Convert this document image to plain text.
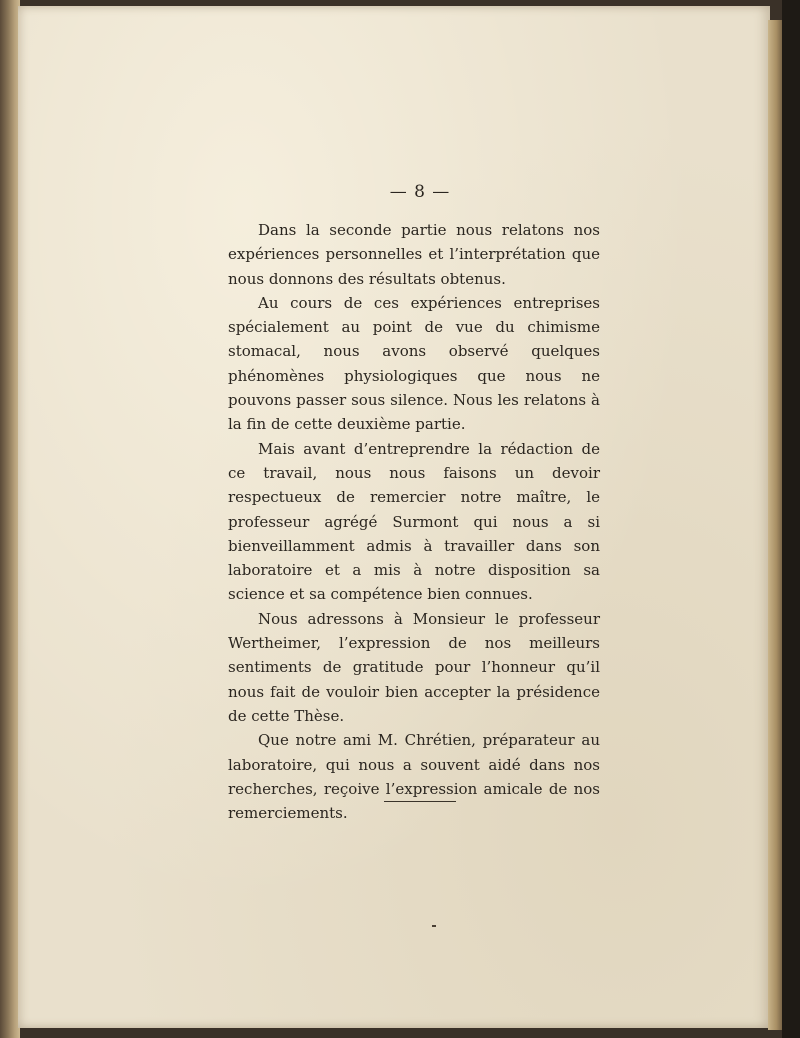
— 8 —

Dans la seconde partie nous relatons nos expériences personnelles et l’interprétation que nous donnons des résultats obtenus.

Au cours de ces expériences entreprises spécialement au point de vue du chimisme stomacal, nous avons observé quelques phénomènes physiologiques que nous ne pouvons passer sous silence. Nous les relatons à la fin de cette deuxième partie.

Mais avant d’entreprendre la rédaction de ce travail, nous nous faisons un devoir respectueux de remercier notre maître, le professeur agrégé Surmont qui nous a si bienveillamment admis à travailler dans son laboratoire et a mis à notre disposition sa science et sa compétence bien connues.

Nous adressons à Monsieur le professeur Wertheimer, l’expression de nos meilleurs sentiments de gratitude pour l’honneur qu’il nous fait de vouloir bien accepter la présidence de cette Thèse.

Que notre ami M. Chrétien, préparateur au laboratoire, qui nous a souvent aidé dans nos recherches, reçoive l’expression amicale de nos remerciements.
